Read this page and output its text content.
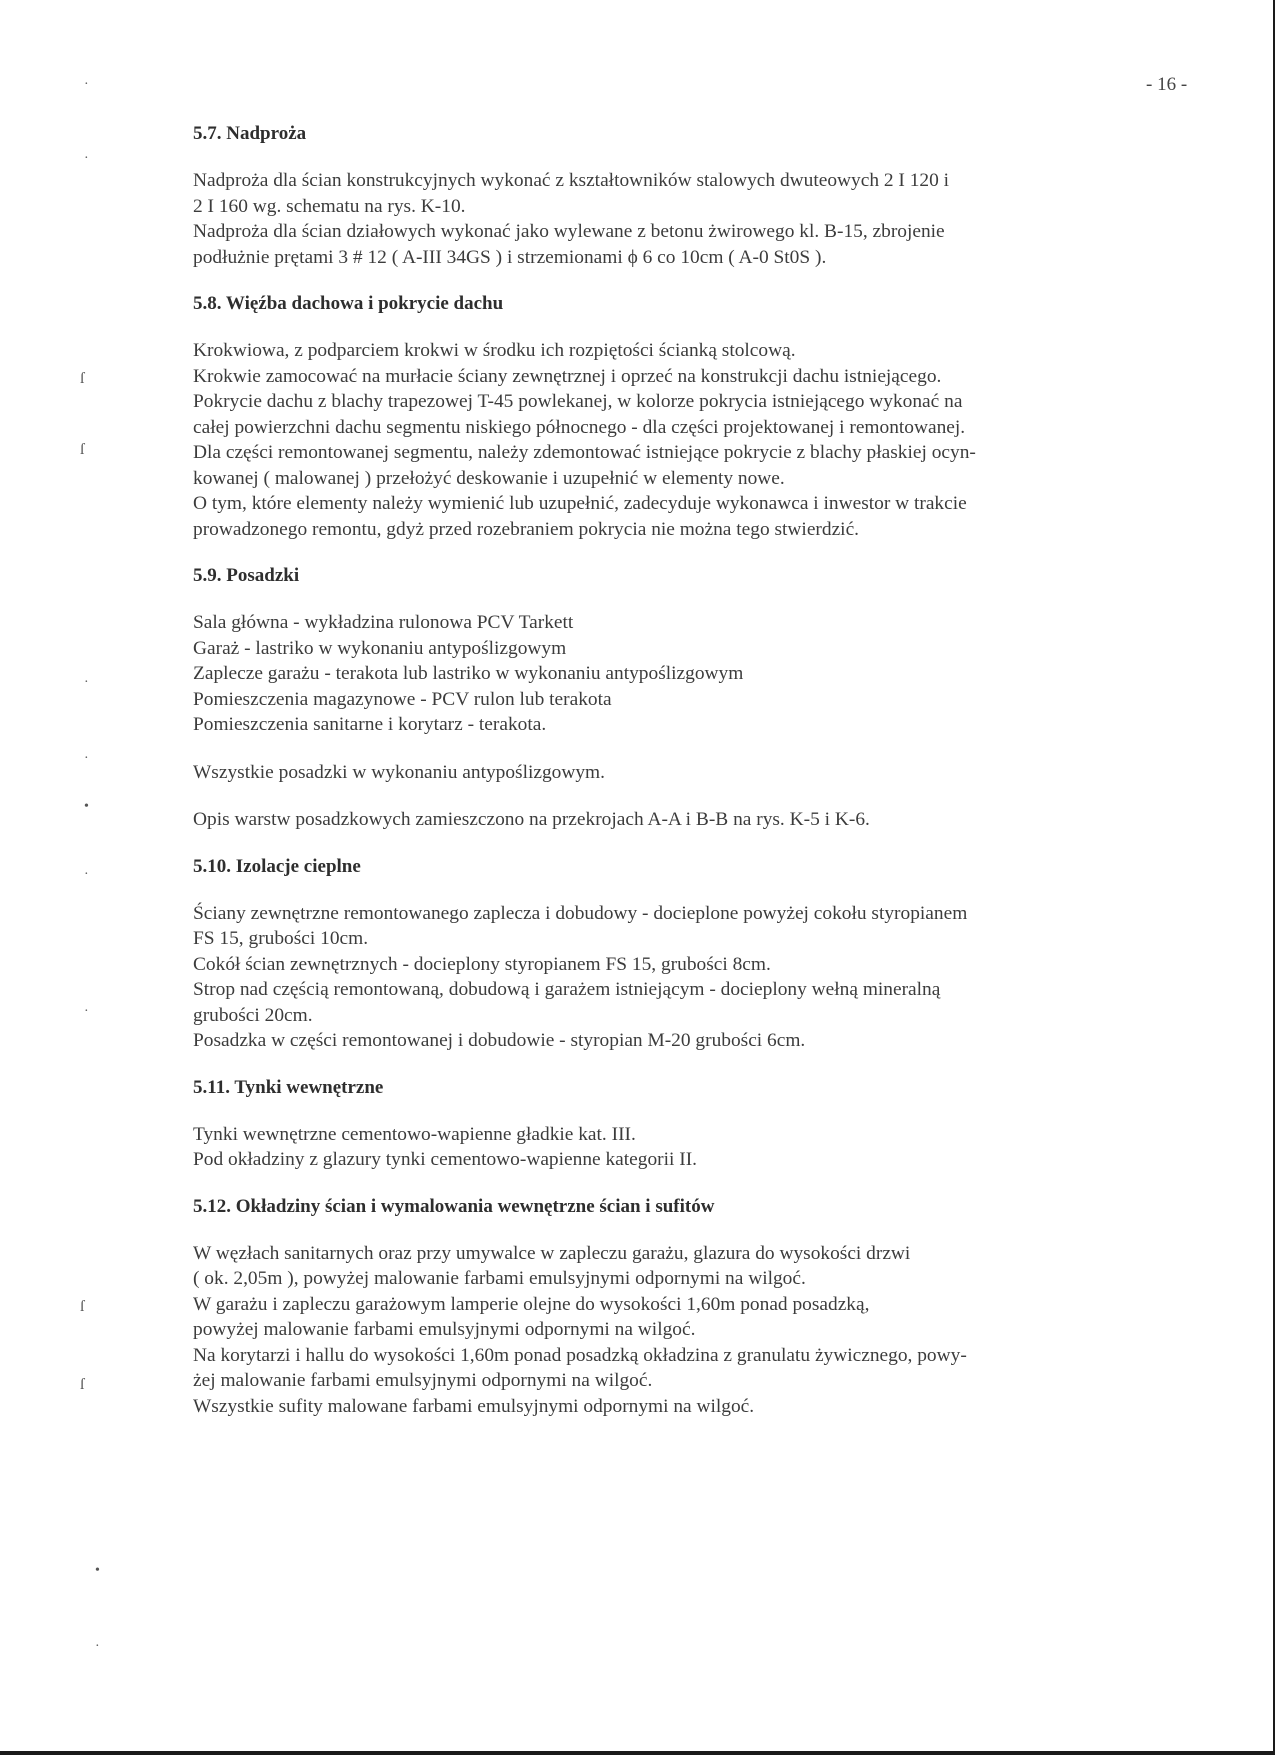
·
·
ſ
ſ
·
·
•
·
·
ſ
ſ
•
·
- 16 -
5.7. Nadproża

Nadproża dla ścian konstrukcyjnych wykonać z kształtowników stalowych dwuteowych 2 I 120 i

2 I 160 wg. schematu na rys. K-10.

Nadproża dla ścian działowych wykonać jako wylewane z betonu żwirowego kl. B-15, zbrojenie

podłużnie prętami 3 # 12 ( A-III 34GS ) i strzemionami ϕ 6 co 10cm ( A-0 St0S ).

5.8. Więźba dachowa i pokrycie dachu

Krokwiowa, z podparciem krokwi w środku ich rozpiętości ścianką stolcową.

Krokwie zamocować na murłacie ściany zewnętrznej i oprzeć na konstrukcji dachu istniejącego.

Pokrycie dachu z blachy trapezowej T-45 powlekanej, w kolorze pokrycia istniejącego wykonać na

całej powierzchni dachu segmentu niskiego północnego - dla części projektowanej i remontowanej.

Dla części remontowanej segmentu, należy zdemontować istniejące pokrycie z blachy płaskiej ocyn-

kowanej ( malowanej ) przełożyć deskowanie i uzupełnić w elementy nowe.

O tym, które elementy należy wymienić lub uzupełnić, zadecyduje wykonawca i inwestor w trakcie

prowadzonego remontu, gdyż przed rozebraniem pokrycia nie można tego stwierdzić.

5.9. Posadzki

Sala główna - wykładzina rulonowa PCV Tarkett

Garaż - lastriko w wykonaniu antypoślizgowym

Zaplecze garażu - terakota lub lastriko w wykonaniu antypoślizgowym

Pomieszczenia magazynowe - PCV rulon lub terakota

Pomieszczenia sanitarne i korytarz - terakota.

Wszystkie posadzki w wykonaniu antypoślizgowym.

Opis warstw posadzkowych zamieszczono na przekrojach A-A i B-B na rys. K-5 i K-6.

5.10. Izolacje cieplne

Ściany zewnętrzne remontowanego zaplecza i dobudowy - docieplone powyżej cokołu styropianem

FS 15, grubości 10cm.

Cokół ścian zewnętrznych - docieplony styropianem FS 15, grubości 8cm.

Strop nad częścią remontowaną, dobudową i garażem istniejącym - docieplony wełną mineralną

grubości 20cm.

Posadzka w części remontowanej i dobudowie - styropian M-20 grubości 6cm.

5.11. Tynki wewnętrzne

Tynki wewnętrzne cementowo-wapienne gładkie kat. III.

Pod okładziny z glazury tynki cementowo-wapienne kategorii II.

5.12. Okładziny ścian i wymalowania wewnętrzne ścian i sufitów

W węzłach sanitarnych oraz przy umywalce w zapleczu garażu, glazura do wysokości drzwi

( ok. 2,05m ), powyżej malowanie farbami emulsyjnymi odpornymi na wilgoć.

W garażu i zapleczu garażowym lamperie olejne do wysokości 1,60m ponad posadzką,

powyżej malowanie farbami emulsyjnymi odpornymi na wilgoć.

Na korytarzi i hallu do wysokości 1,60m ponad posadzką okładzina z granulatu żywicznego, powy-

żej malowanie farbami emulsyjnymi odpornymi na wilgoć.

Wszystkie sufity malowane farbami emulsyjnymi odpornymi na wilgoć.
